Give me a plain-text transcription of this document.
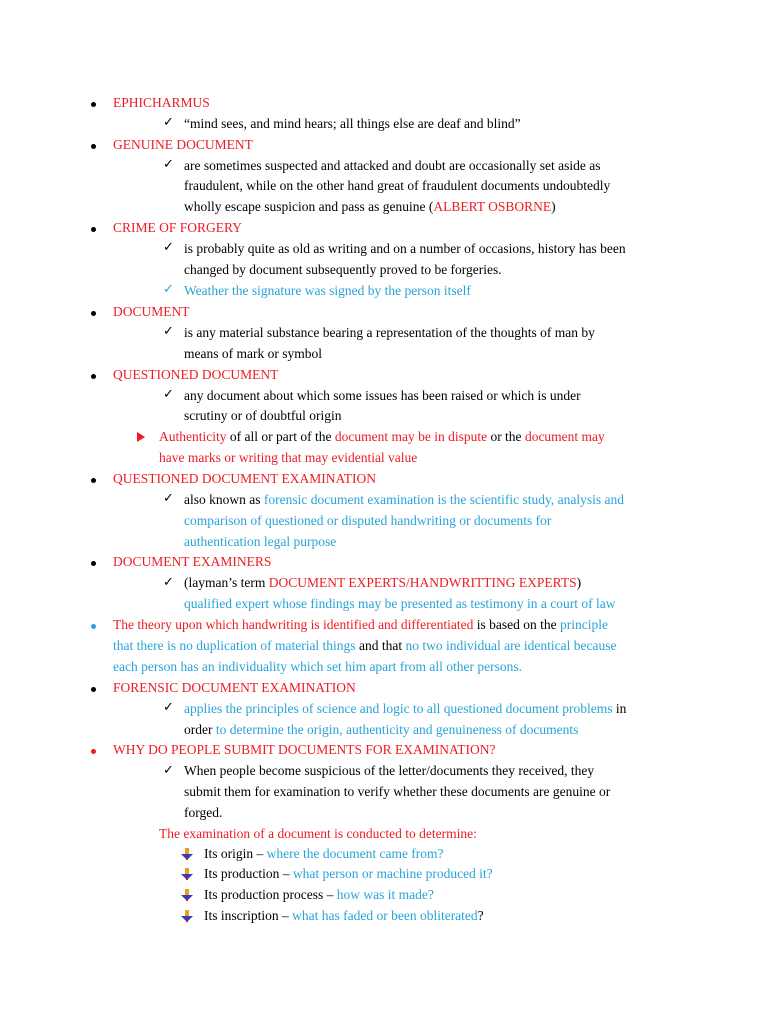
EPHICHARMUS
✓ “mind sees, and mind hears; all things else are deaf and blind”
GENUINE DOCUMENT
✓ are sometimes suspected and attacked and doubt are occasionally set aside as
fraudulent, while on the other hand great of fraudulent documents undoubtedly
wholly escape suspicion and pass as genuine (ALBERT OSBORNE)
CRIME OF FORGERY
✓ is probably quite as old as writing and on a number of occasions, history has been
changed by document subsequently proved to be forgeries.
✓ Weather the signature was signed by the person itself
DOCUMENT
✓ is any material substance bearing a representation of the thoughts of man by
means of mark or symbol
QUESTIONED DOCUMENT
✓ any document about which some issues has been raised or which is under
scrutiny or of doubtful origin
Authenticity of all or part of the document may be in dispute or the document may
have marks or writing that may evidential value
QUESTIONED DOCUMENT EXAMINATION
✓ also known as forensic document examination is the scientific study, analysis and
comparison of questioned or disputed handwriting or documents for
authentication legal purpose
DOCUMENT EXAMINERS
✓ (layman’s term DOCUMENT EXPERTS/HANDWRITTING EXPERTS)
qualified expert whose findings may be presented as testimony in a court of law
The theory upon which handwriting is identified and differentiated is based on the principle
that there is no duplication of material things and that no two individual are identical because
each person has an individuality which set him apart from all other persons.
FORENSIC DOCUMENT EXAMINATION
✓ applies the principles of science and logic to all questioned document problems in
order to determine the origin, authenticity and genuineness of documents
WHY DO PEOPLE SUBMIT DOCUMENTS FOR EXAMINATION?
✓ When people become suspicious of the letter/documents they received, they
submit them for examination to verify whether these documents are genuine or
forged.
The examination of a document is conducted to determine:
Its origin – where the document came from?
Its production – what person or machine produced it?
Its production process – how was it made?
Its inscription – what has faded or been obliterated?
